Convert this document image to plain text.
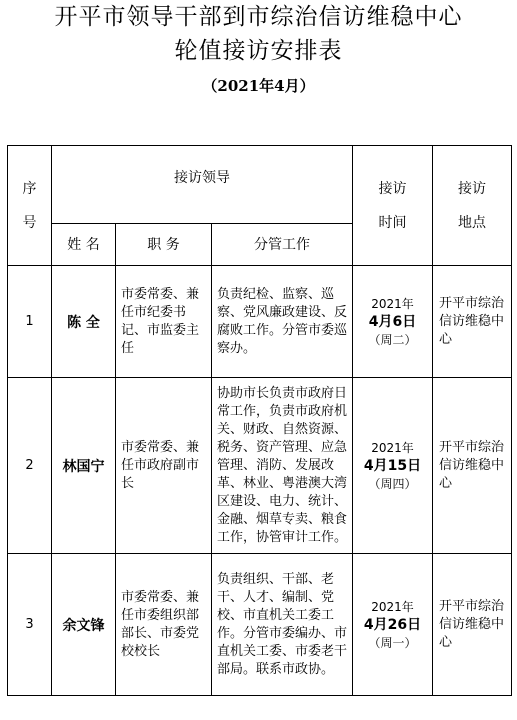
开平市领导干部到市综治信访维稳中心
轮值接访安排表
（2021年4月）
序号	接访领导			接访时间	接访地点

	姓 名	职 务	分管工作		
1	陈 全	市委常委、兼任市纪委书记、市监委主任	负责纪检、监察、巡察、党风廉政建设、反腐败工作。分管市委巡察办。	2021年
4月6日
（周二）	开平市综治信访维稳中心
2	林国宁	市委常委、兼任市政府副市长	协助市长负责市政府日常工作，负责市政府机关、财政、自然资源、税务、资产管理、应急管理、消防、发展改革、林业、粤港澳大湾区建设、电力、统计、金融、烟草专卖、粮食工作，协管审计工作。	2021年
4月15日
（周四）	开平市综治信访维稳中心
3	余文锋	市委常委、兼任市委组织部部长、市委党校校长	负责组织、干部、老干、人才、编制、党校、市直机关工委工作。分管市委编办、市直机关工委、市委老干部局。联系市政协。	2021年
4月26日
（周一）	开平市综治信访维稳中心
